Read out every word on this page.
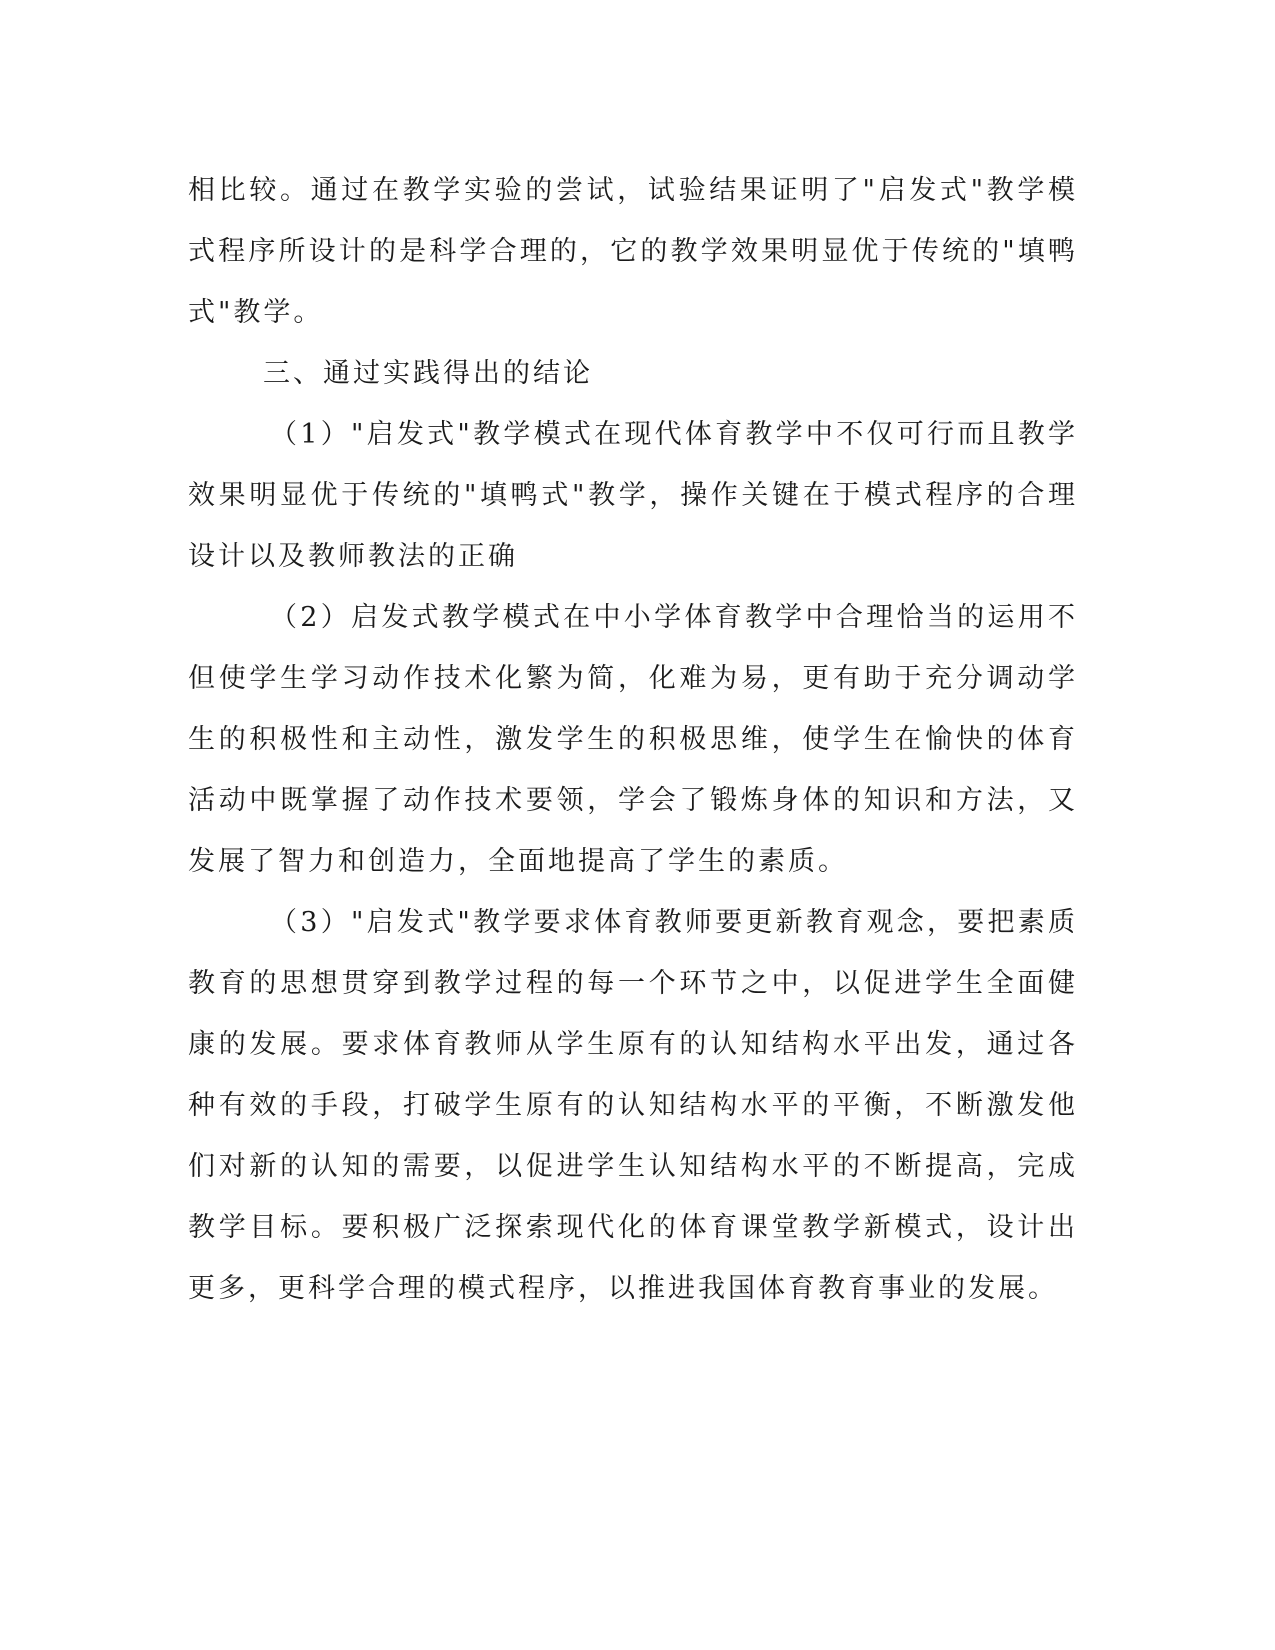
相比较。通过在教学实验的尝试，试验结果证明了"启发式"教学模式程序所设计的是科学合理的，它的教学效果明显优于传统的"填鸭式"教学。

三、通过实践得出的结论

（1）"启发式"教学模式在现代体育教学中不仅可行而且教学效果明显优于传统的"填鸭式"教学，操作关键在于模式程序的合理设计以及教师教法的正确

（2）启发式教学模式在中小学体育教学中合理恰当的运用不但使学生学习动作技术化繁为简，化难为易，更有助于充分调动学生的积极性和主动性，激发学生的积极思维，使学生在愉快的体育活动中既掌握了动作技术要领，学会了锻炼身体的知识和方法，又发展了智力和创造力，全面地提高了学生的素质。

（3）"启发式"教学要求体育教师要更新教育观念，要把素质教育的思想贯穿到教学过程的每一个环节之中，以促进学生全面健康的发展。要求体育教师从学生原有的认知结构水平出发，通过各种有效的手段，打破学生原有的认知结构水平的平衡，不断激发他们对新的认知的需要，以促进学生认知结构水平的不断提高，完成教学目标。要积极广泛探索现代化的体育课堂教学新模式，设计出更多，更科学合理的模式程序，以推进我国体育教育事业的发展。
